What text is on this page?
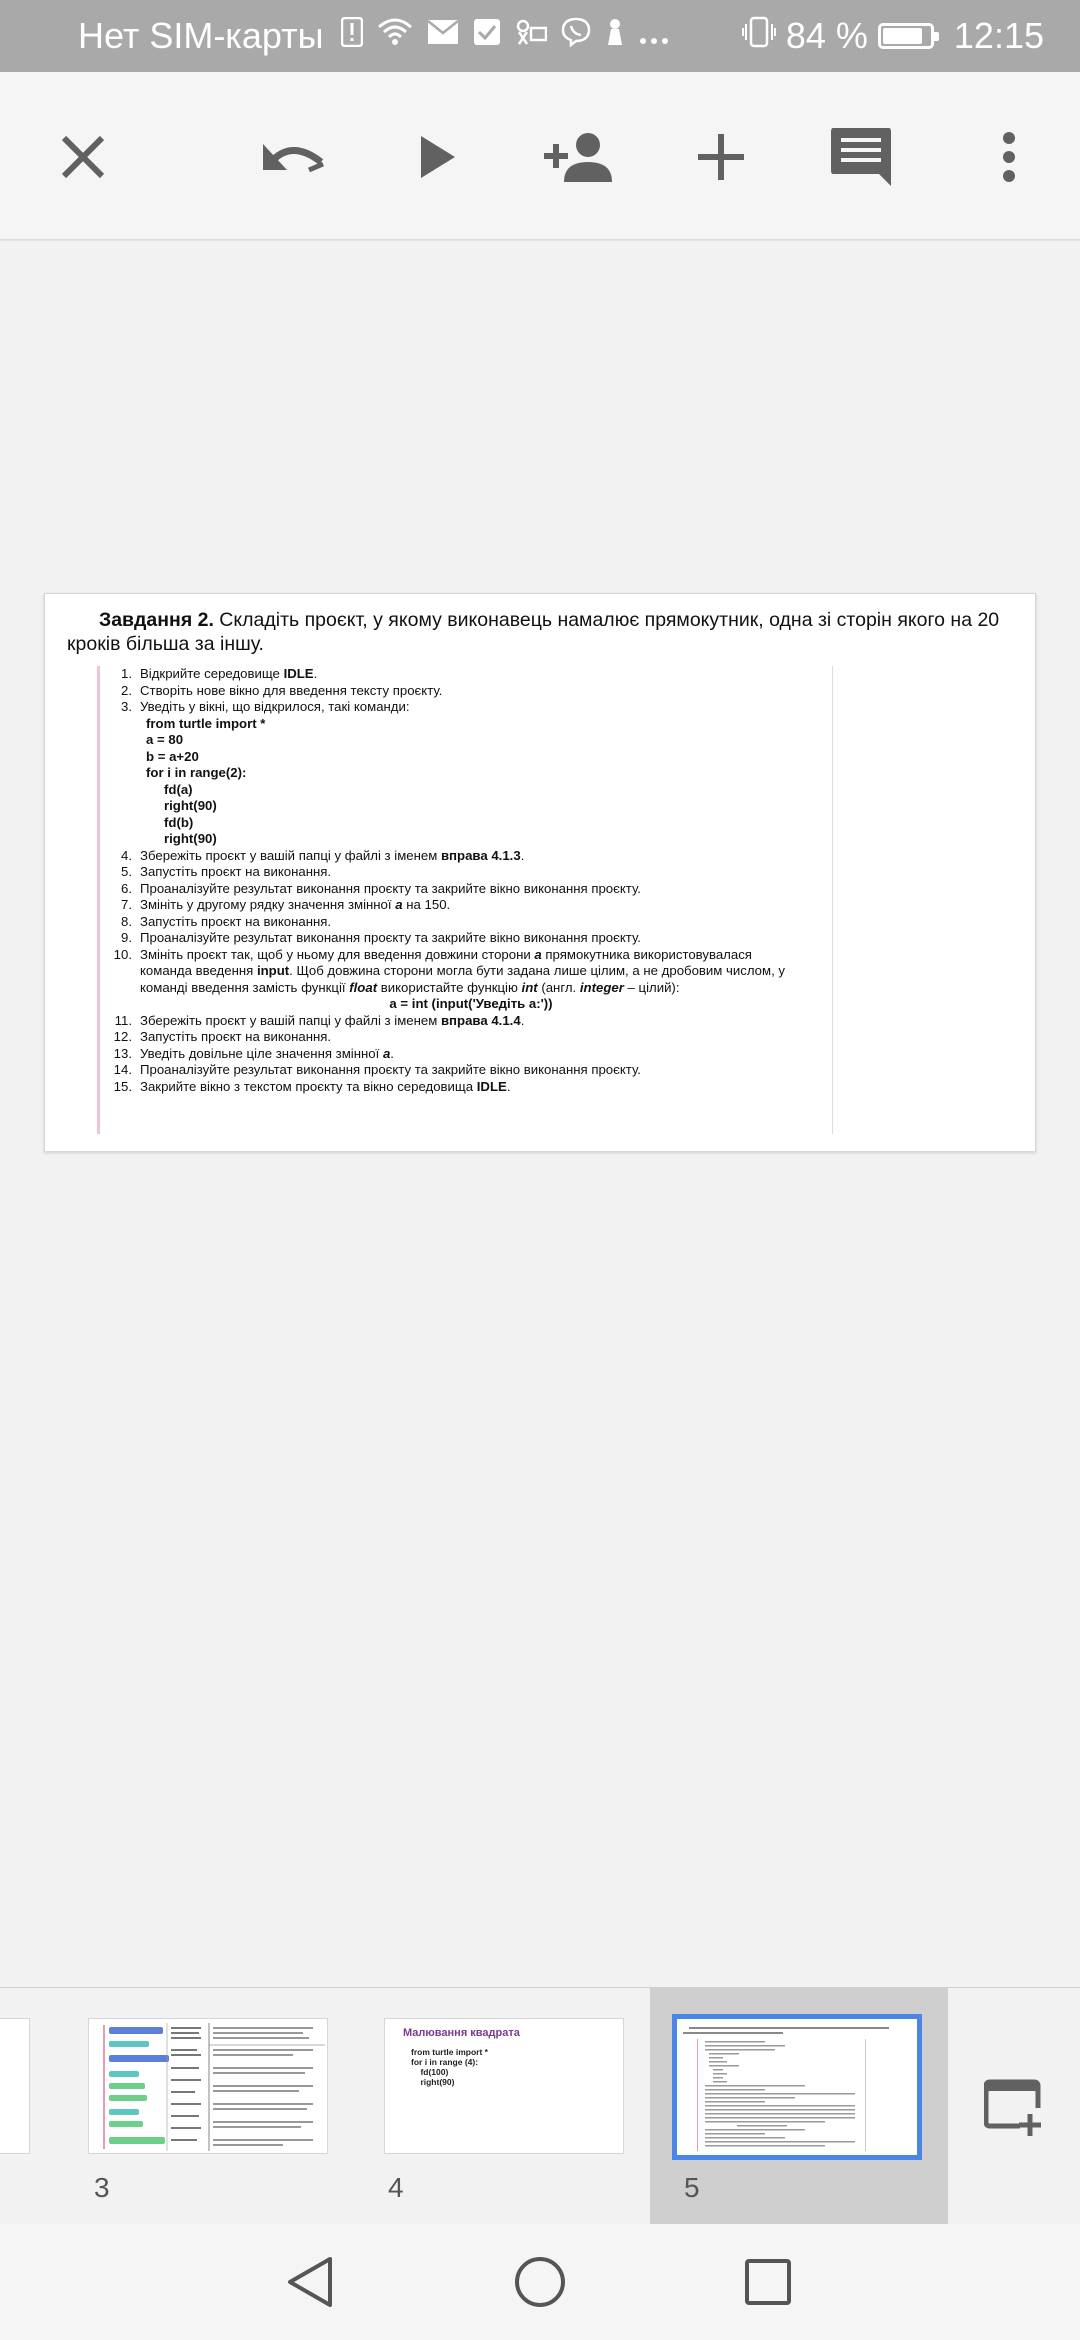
Нет SIM-карты	84 % 12:15
Завдання 2. Складіть проєкт, у якому виконавець намалює прямокутник, одна зі сторін якого на 20 кроків більша за іншу.
1. Відкрийте середовище IDLE.
2. Створіть нове вікно для введення тексту проєкту.
3. Уведіть у вікні, що відкрилося, такі команди:
from turtle import *
a = 80
b = a+20
for i in range(2):
fd(a)
right(90)
fd(b)
right(90)
4. Збережіть проєкт у вашій папці у файлі з іменем вправа 4.1.3.
5. Запустіть проєкт на виконання.
6. Проаналізуйте результат виконання проєкту та закрийте вікно виконання проєкту.
7. Змініть у другому рядку значення змінної a на 150.
8. Запустіть проєкт на виконання.
9. Проаналізуйте результат виконання проєкту та закрийте вікно виконання проєкту.
10. Змініть проєкт так, щоб у ньому для введення довжини сторони a прямокутника використовувалася команда введення input. Щоб довжина сторони могла бути задана лише цілим, а не дробовим числом, у команді введення замість функції float використайте функцію int (англ. integer – цілий):
a = int (input('Уведіть a:'))
11. Збережіть проєкт у вашій папці у файлі з іменем вправа 4.1.4.
12. Запустіть проєкт на виконання.
13. Уведіть довільне ціле значення змінної a.
14. Проаналізуйте результат виконання проєкту та закрийте вікно виконання проєкту.
15. Закрийте вікно з текстом проєкту та вікно середовища IDLE.
3
Малювання квадрата
from turtle import *
for i in range (4):
fd(100)
right(90)
4	5
